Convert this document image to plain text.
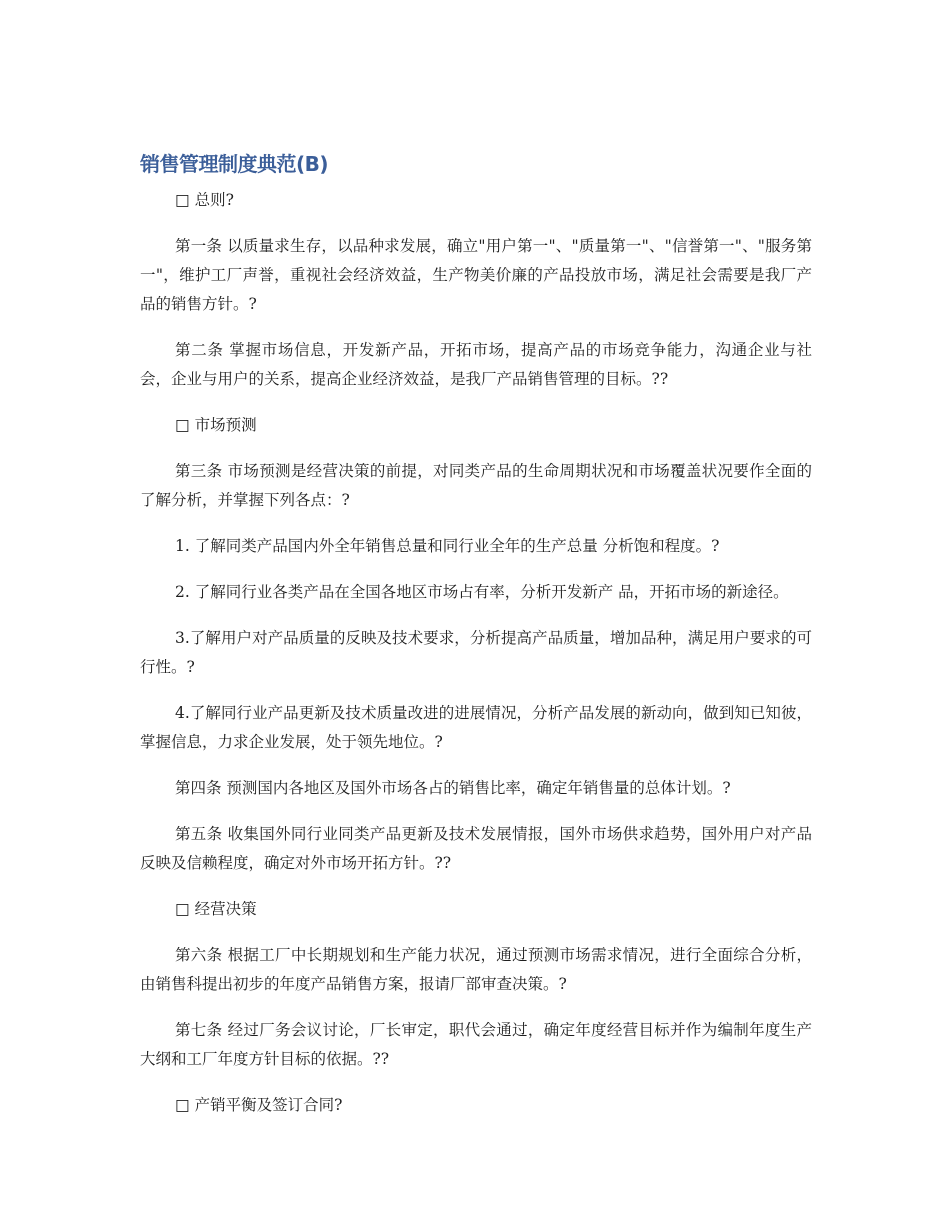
销售管理制度典范(B)

□ 总则?

第一条 以质量求生存，以品种求发展，确立"用户第一"、"质量第一"、"信誉第一"、"服务第一"，维护工厂声誉，重视社会经济效益，生产物美价廉的产品投放市场，满足社会需要是我厂产品的销售方针。?

第二条 掌握市场信息，开发新产品，开拓市场，提高产品的市场竞争能力，沟通企业与社会，企业与用户的关系，提高企业经济效益，是我厂产品销售管理的目标。??

□ 市场预测

第三条 市场预测是经营决策的前提，对同类产品的生命周期状况和市场覆盖状况要作全面的了解分析，并掌握下列各点：?

1. 了解同类产品国内外全年销售总量和同行业全年的生产总量 分析饱和程度。?

2. 了解同行业各类产品在全国各地区市场占有率，分析开发新产 品，开拓市场的新途径。

3.了解用户对产品质量的反映及技术要求，分析提高产品质量，增加品种，满足用户要求的可行性。?

4.了解同行业产品更新及技术质量改进的进展情况，分析产品发展的新动向，做到知已知彼，掌握信息，力求企业发展，处于领先地位。?

第四条 预测国内各地区及国外市场各占的销售比率，确定年销售量的总体计划。?

第五条 收集国外同行业同类产品更新及技术发展情报，国外市场供求趋势，国外用户对产品反映及信赖程度，确定对外市场开拓方针。??

□ 经营决策

第六条 根据工厂中长期规划和生产能力状况，通过预测市场需求情况，进行全面综合分析，由销售科提出初步的年度产品销售方案，报请厂部审查决策。?

第七条 经过厂务会议讨论，厂长审定，职代会通过，确定年度经营目标并作为编制年度生产大纲和工厂年度方针目标的依据。??

□ 产销平衡及签订合同?
